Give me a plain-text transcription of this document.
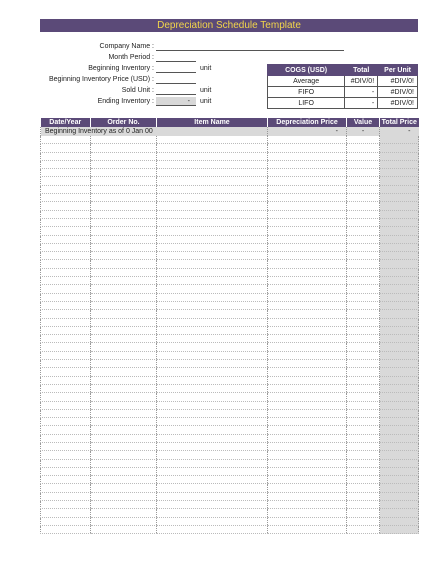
Depreciation Schedule Template
Company Name :
Month Period :
Beginning Inventory :	unit
Beginning Inventory Price (USD) :
Sold Unit :	unit
Ending Inventory :	-	unit
COGS (USD)	Total	Per Unit
Average	#DIV/0!	#DIV/0!
FIFO	-	#DIV/0!
LIFO	-	#DIV/0!
Date/Year	Order No.	Item Name	Depreciation Price	Value	Total Price
Beginning Inventory as of 0 Jan 00			-	-	-
